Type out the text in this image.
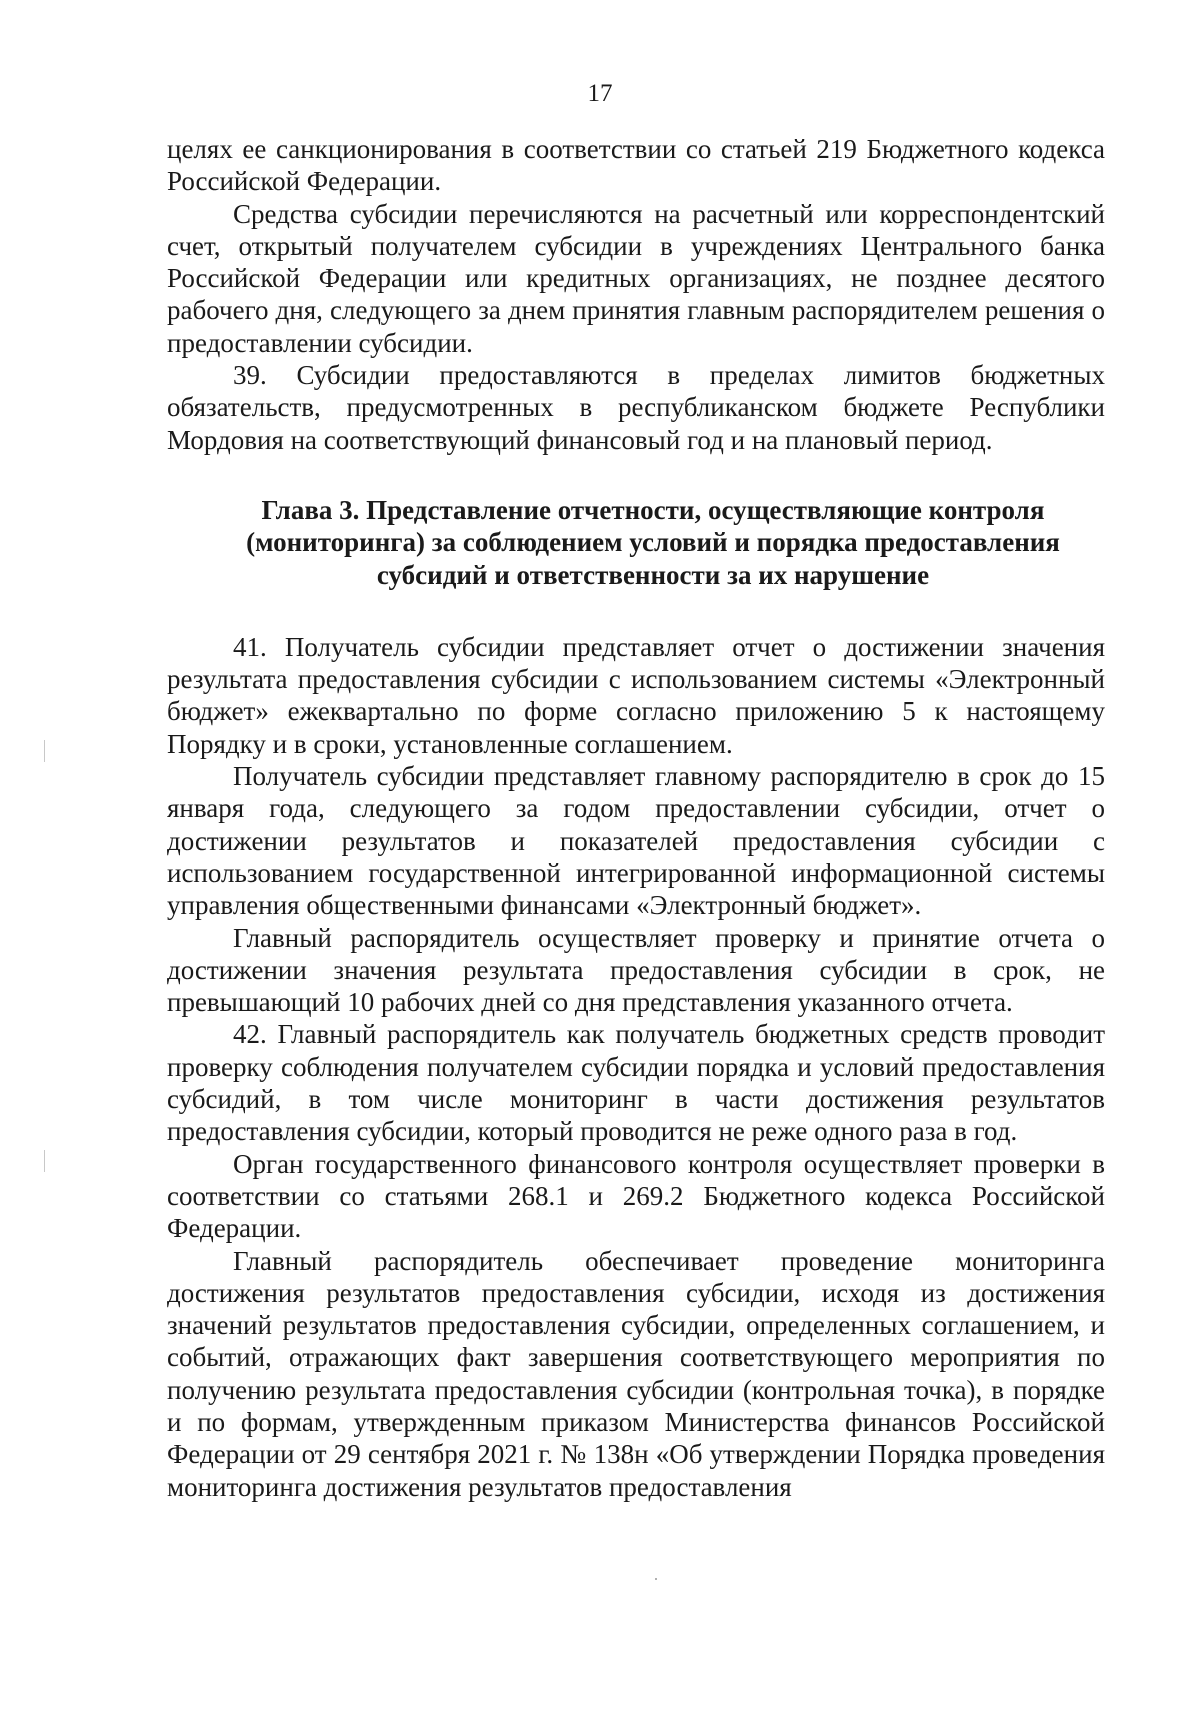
17

целях ее санкционирования в соответствии со статьей 219 Бюджетного кодекса Российской Федерации.

Средства субсидии перечисляются на расчетный или корреспондентский счет, открытый получателем субсидии в учреждениях Центрального банка Российской Федерации или кредитных организациях, не позднее десятого рабочего дня, следующего за днем принятия главным распорядителем решения о предоставлении субсидии.

39. Субсидии предоставляются в пределах лимитов бюджетных обязательств, предусмотренных в республиканском бюджете Республики Мордовия на соответствующий финансовый год и на плановый период.

Глава 3. Представление отчетности, осуществляющие контроля (мониторинга) за соблюдением условий и порядка предоставления субсидий и ответственности за их нарушение

41. Получатель субсидии представляет отчет о достижении значения результата предоставления субсидии с использованием системы «Электронный бюджет» ежеквартально по форме согласно приложению 5 к настоящему Порядку и в сроки, установленные соглашением.

Получатель субсидии представляет главному распорядителю в срок до 15 января года, следующего за годом предоставлении субсидии, отчет о достижении результатов и показателей предоставления субсидии с использованием государственной интегрированной информационной системы управления общественными финансами «Электронный бюджет».

Главный распорядитель осуществляет проверку и принятие отчета о достижении значения результата предоставления субсидии в срок, не превышающий 10 рабочих дней со дня представления указанного отчета.

42. Главный распорядитель как получатель бюджетных средств проводит проверку соблюдения получателем субсидии порядка и условий предоставления субсидий, в том числе мониторинг в части достижения результатов предоставления субсидии, который проводится не реже одного раза в год.

Орган государственного финансового контроля осуществляет проверки в соответствии со статьями 268.1 и 269.2 Бюджетного кодекса Российской Федерации.

Главный распорядитель обеспечивает проведение мониторинга достижения результатов предоставления субсидии, исходя из достижения значений результатов предоставления субсидии, определенных соглашением, и событий, отражающих факт завершения соответствующего мероприятия по получению результата предоставления субсидии (контрольная точка), в порядке и по формам, утвержденным приказом Министерства финансов Российской Федерации от 29 сентября 2021 г. № 138н «Об утверждении Порядка проведения мониторинга достижения результатов предоставления
